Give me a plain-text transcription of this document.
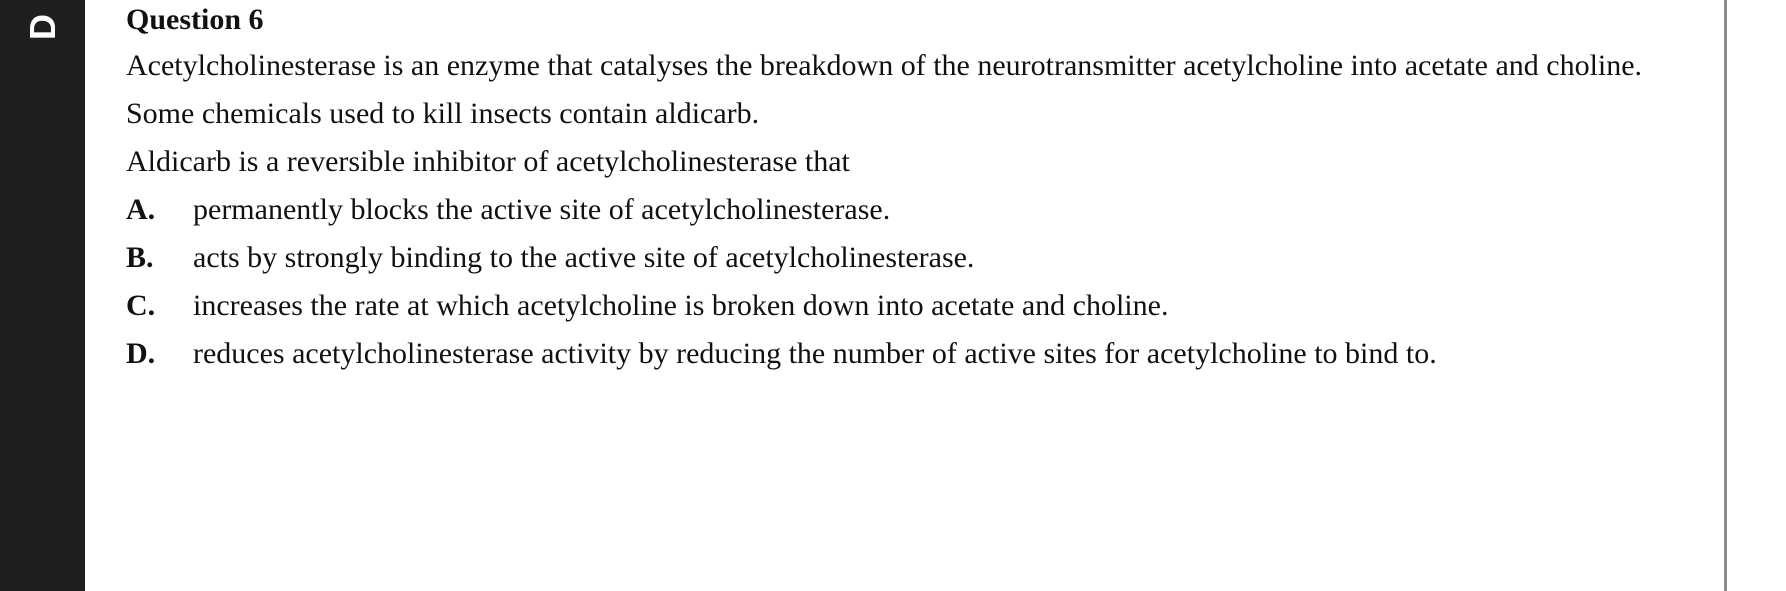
D Question 6

Acetylcholinesterase is an enzyme that catalyses the breakdown of the neurotransmitter acetylcholine into acetate and choline.

Some chemicals used to kill insects contain aldicarb.

Aldicarb is a reversible inhibitor of acetylcholinesterase that

A.	permanently blocks the active site of acetylcholinesterase.
B.	acts by strongly binding to the active site of acetylcholinesterase.
C.	increases the rate at which acetylcholine is broken down into acetate and choline.
D.	reduces acetylcholinesterase activity by reducing the number of active sites for acetylcholine to bind to.
